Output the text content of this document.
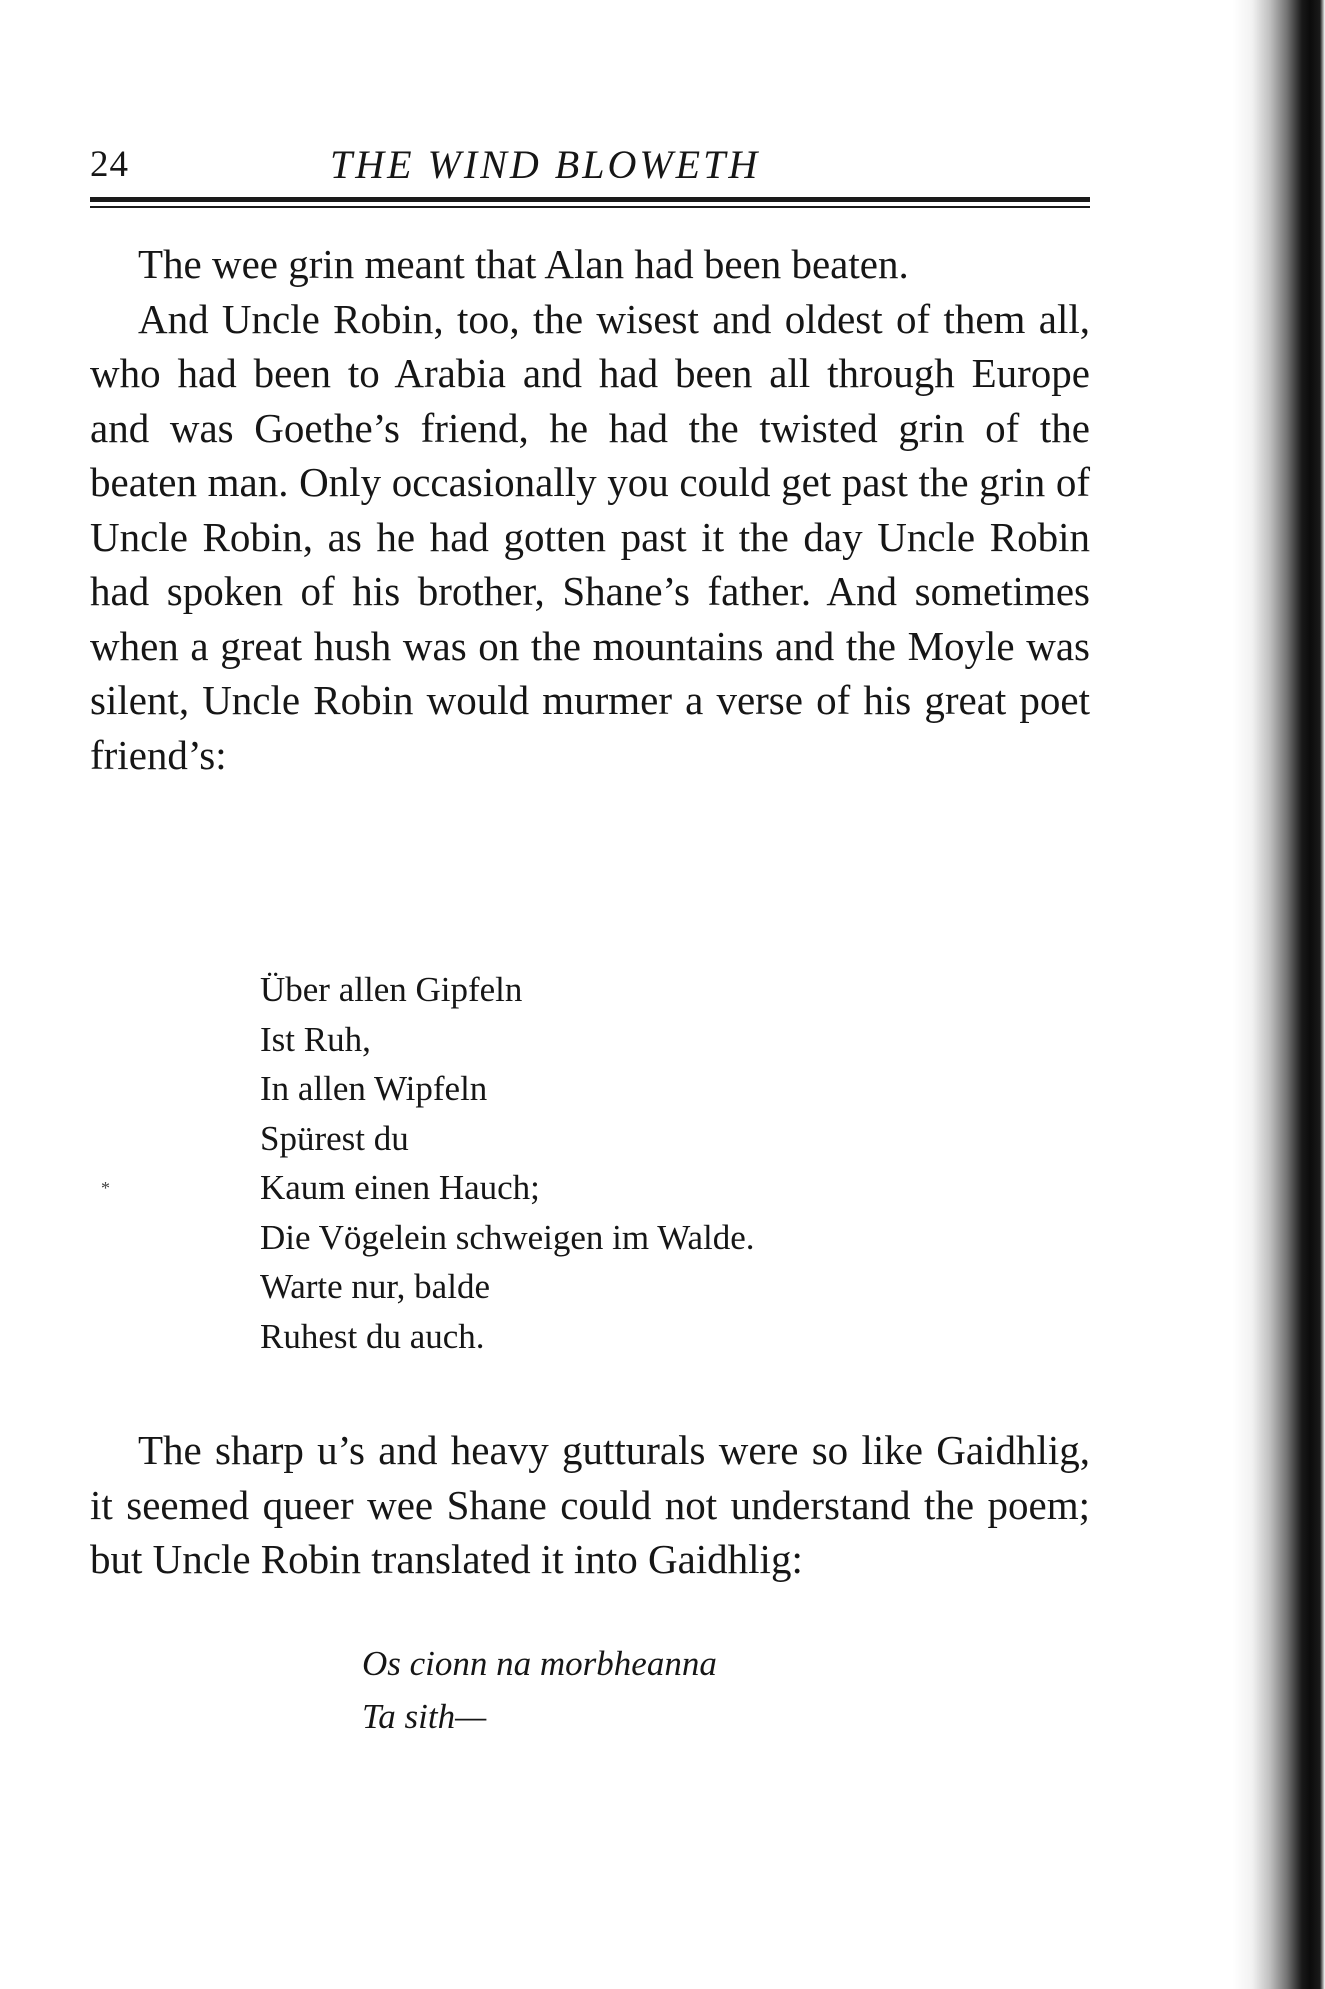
24	THE WIND BLOWETH

The wee grin meant that Alan had been beaten.

And Uncle Robin, too, the wisest and oldest of them all, who had been to Arabia and had been all through Europe and was Goethe’s friend, he had the twisted grin of the beaten man. Only occasionally you could get past the grin of Uncle Robin, as he had gotten past it the day Uncle Robin had spoken of his brother, Shane’s father. And sometimes when a great hush was on the mountains and the Moyle was silent, Uncle Robin would murmer a verse of his great poet friend’s:

*
Über allen Gipfeln
Ist Ruh,
In allen Wipfeln
Spürest du
Kaum einen Hauch;
Die Vögelein schweigen im Walde.
Warte nur, balde
Ruhest du auch.

The sharp u’s and heavy gutturals were so like Gaidhlig, it seemed queer wee Shane could not understand the poem; but Uncle Robin translated it into Gaidhlig:

Os cionn na morbheanna
Ta sith—
